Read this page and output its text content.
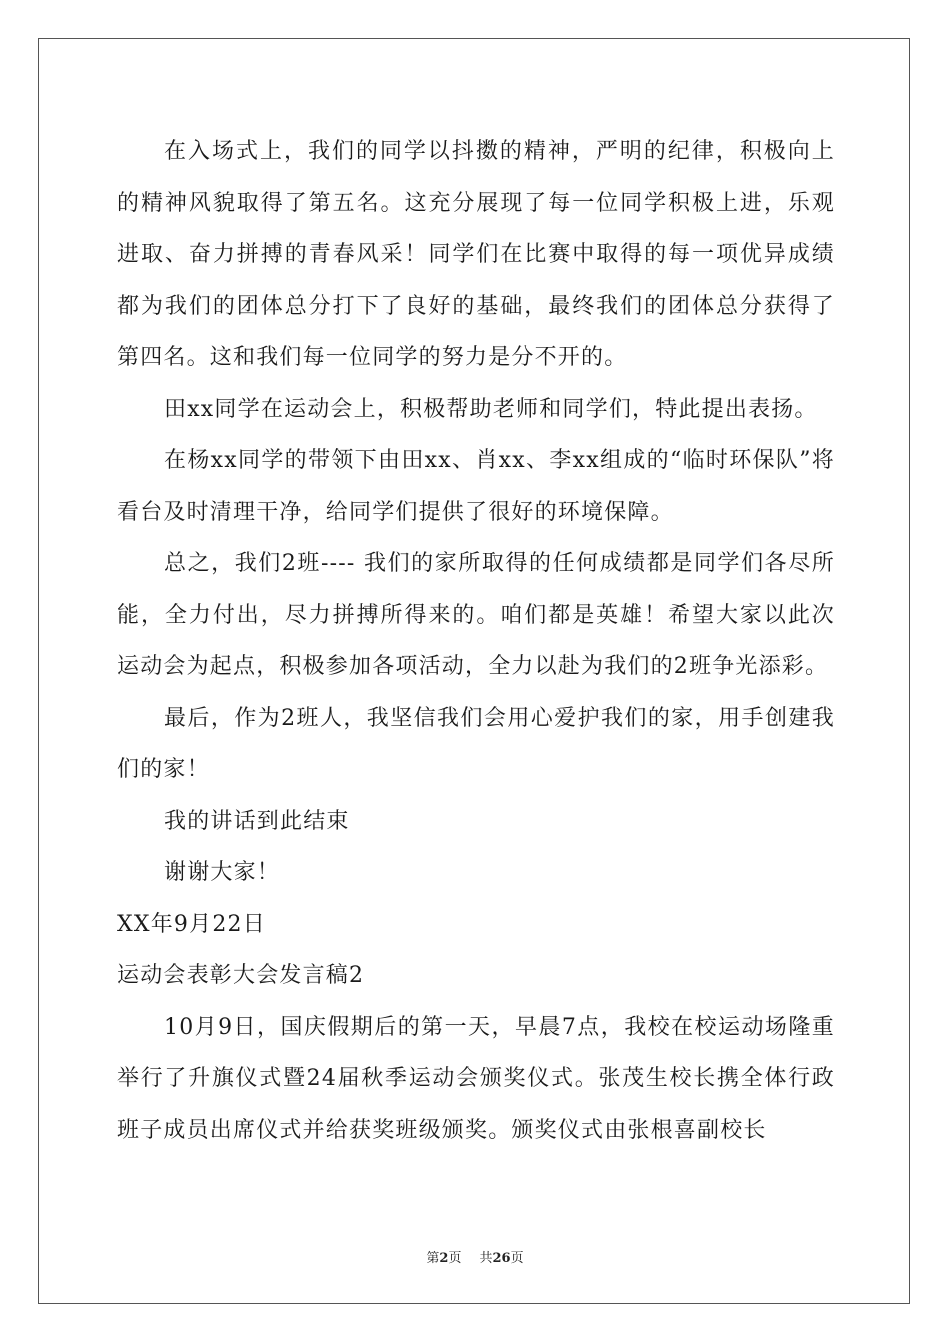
在入场式上，我们的同学以抖擞的精神，严明的纪律，积极向上的精神风貌取得了第五名。这充分展现了每一位同学积极上进，乐观进取、奋力拼搏的青春风采！同学们在比赛中取得的每一项优异成绩都为我们的团体总分打下了良好的基础，最终我们的团体总分获得了第四名。这和我们每一位同学的努力是分不开的。

田xx同学在运动会上，积极帮助老师和同学们，特此提出表扬。

在杨xx同学的带领下由田xx、肖xx、李xx组成的“临时环保队”将看台及时清理干净，给同学们提供了很好的环境保障。

总之，我们2班---- 我们的家所取得的任何成绩都是同学们各尽所能，全力付出，尽力拼搏所得来的。咱们都是英雄！希望大家以此次运动会为起点，积极参加各项活动，全力以赴为我们的2班争光添彩。

最后，作为2班人，我坚信我们会用心爱护我们的家，用手创建我们的家！

我的讲话到此结束

谢谢大家！

XX年9月22日

运动会表彰大会发言稿2

10月9日，国庆假期后的第一天，早晨7点，我校在校运动场隆重举行了升旗仪式暨24届秋季运动会颁奖仪式。张茂生校长携全体行政班子成员出席仪式并给获奖班级颁奖。颁奖仪式由张根喜副校长

第2页 共26页
